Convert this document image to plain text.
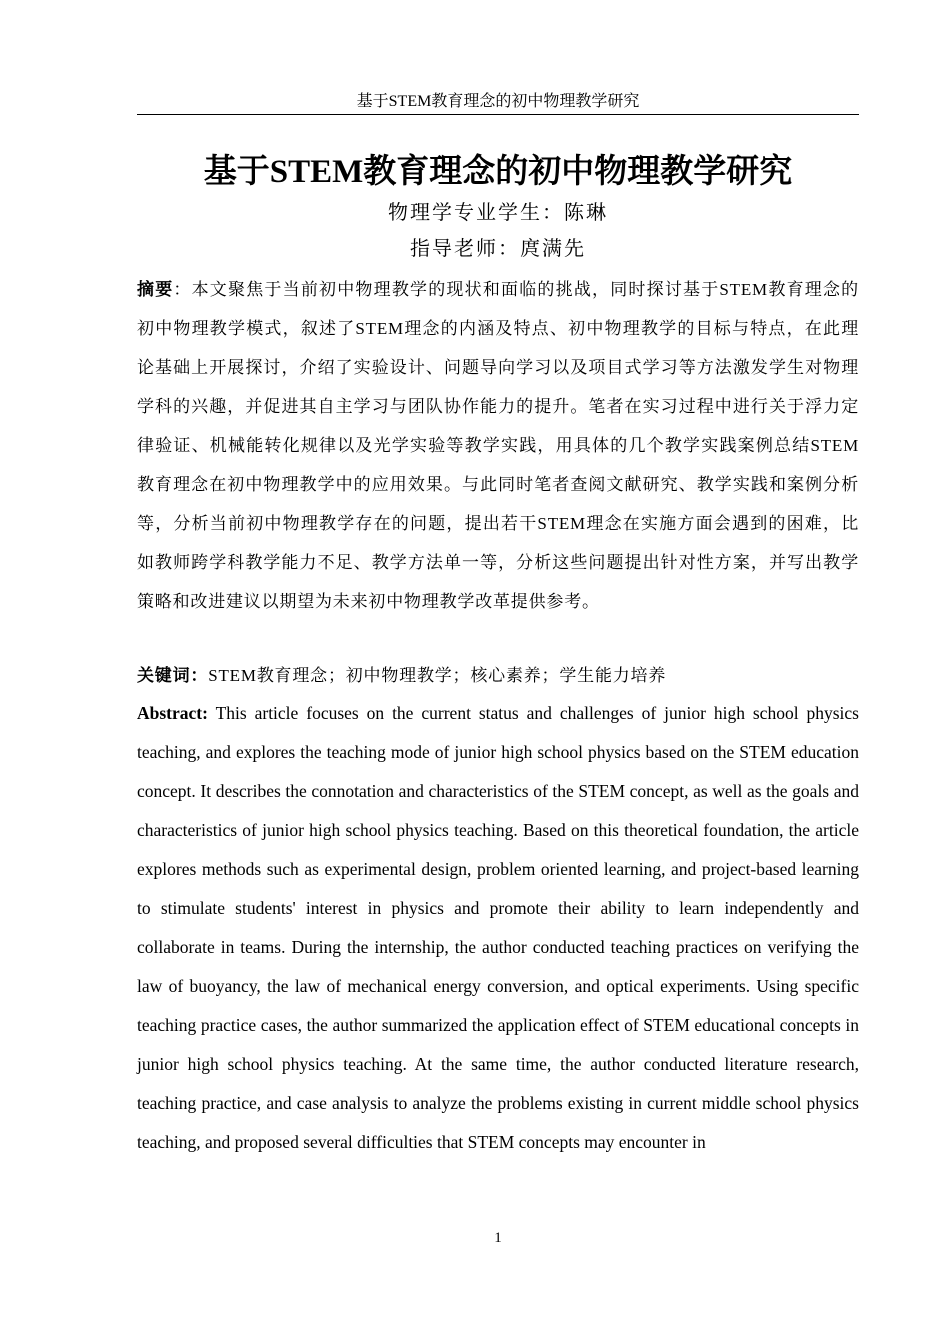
基于STEM教育理念的初中物理教学研究
基于STEM教育理念的初中物理教学研究
物理学专业学生：陈琳
指导老师：庹满先
摘要：本文聚焦于当前初中物理教学的现状和面临的挑战，同时探讨基于STEM教育理念的初中物理教学模式，叙述了STEM理念的内涵及特点、初中物理教学的目标与特点，在此理论基础上开展探讨，介绍了实验设计、问题导向学习以及项目式学习等方法激发学生对物理学科的兴趣，并促进其自主学习与团队协作能力的提升。笔者在实习过程中进行关于浮力定律验证、机械能转化规律以及光学实验等教学实践，用具体的几个教学实践案例总结STEM教育理念在初中物理教学中的应用效果。与此同时笔者查阅文献研究、教学实践和案例分析等，分析当前初中物理教学存在的问题，提出若干STEM理念在实施方面会遇到的困难，比如教师跨学科教学能力不足、教学方法单一等，分析这些问题提出针对性方案，并写出教学策略和改进建议以期望为未来初中物理教学改革提供参考。
关键词：STEM教育理念；初中物理教学；核心素养；学生能力培养
Abstract: This article focuses on the current status and challenges of junior high school physics teaching, and explores the teaching mode of junior high school physics based on the STEM education concept. It describes the connotation and characteristics of the STEM concept, as well as the goals and characteristics of junior high school physics teaching. Based on this theoretical foundation, the article explores methods such as experimental design, problem oriented learning, and project-based learning to stimulate students' interest in physics and promote their ability to learn independently and collaborate in teams. During the internship, the author conducted teaching practices on verifying the law of buoyancy, the law of mechanical energy conversion, and optical experiments. Using specific teaching practice cases, the author summarized the application effect of STEM educational concepts in junior high school physics teaching. At the same time, the author conducted literature research, teaching practice, and case analysis to analyze the problems existing in current middle school physics teaching, and proposed several difficulties that STEM concepts may encounter in
1
